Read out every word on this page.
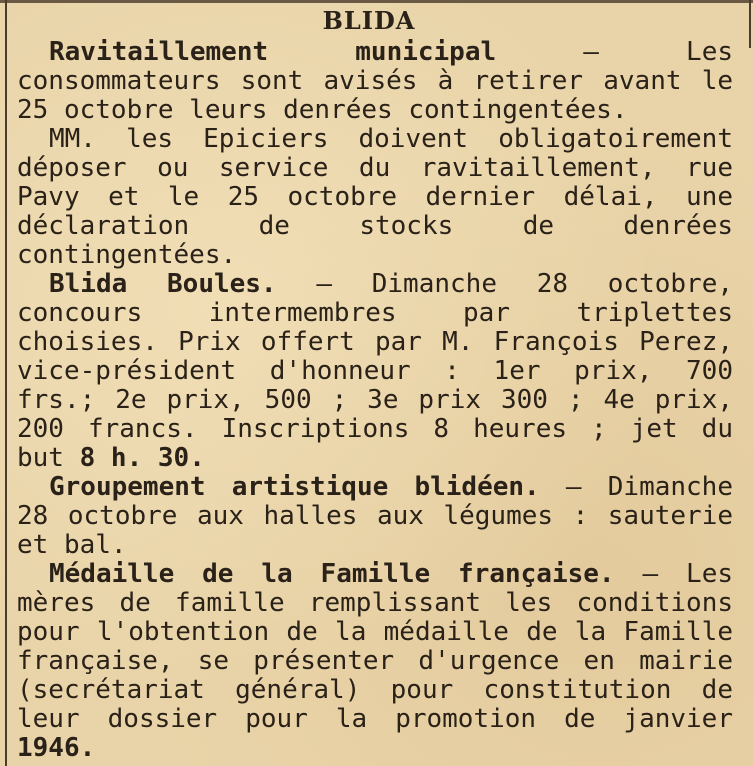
BLIDA

Ravitaillement municipal — Les consommateurs sont avisés à retirer avant le 25 octobre leurs denrées contingentées.

MM. les Epiciers doivent obligatoirement déposer ou service du ravitaillement, rue Pavy et le 25 octobre dernier délai, une déclaration de stocks de denrées contingentées.

Blida Boules. — Dimanche 28 octobre, concours intermembres par triplettes choisies. Prix offert par M. François Perez, vice-président d'honneur : 1er prix, 700 frs.; 2e prix, 500 ; 3e prix 300 ; 4e prix, 200 francs. Inscriptions 8 heures ; jet du but 8 h. 30.

Groupement artistique blidéen. — Dimanche 28 octobre aux halles aux légumes : sauterie et bal.

Médaille de la Famille française. — Les mères de famille remplissant les conditions pour l'obtention de la médaille de la Famille française, se présenter d'urgence en mairie (secrétariat général) pour constitution de leur dossier pour la promotion de janvier 1946.
